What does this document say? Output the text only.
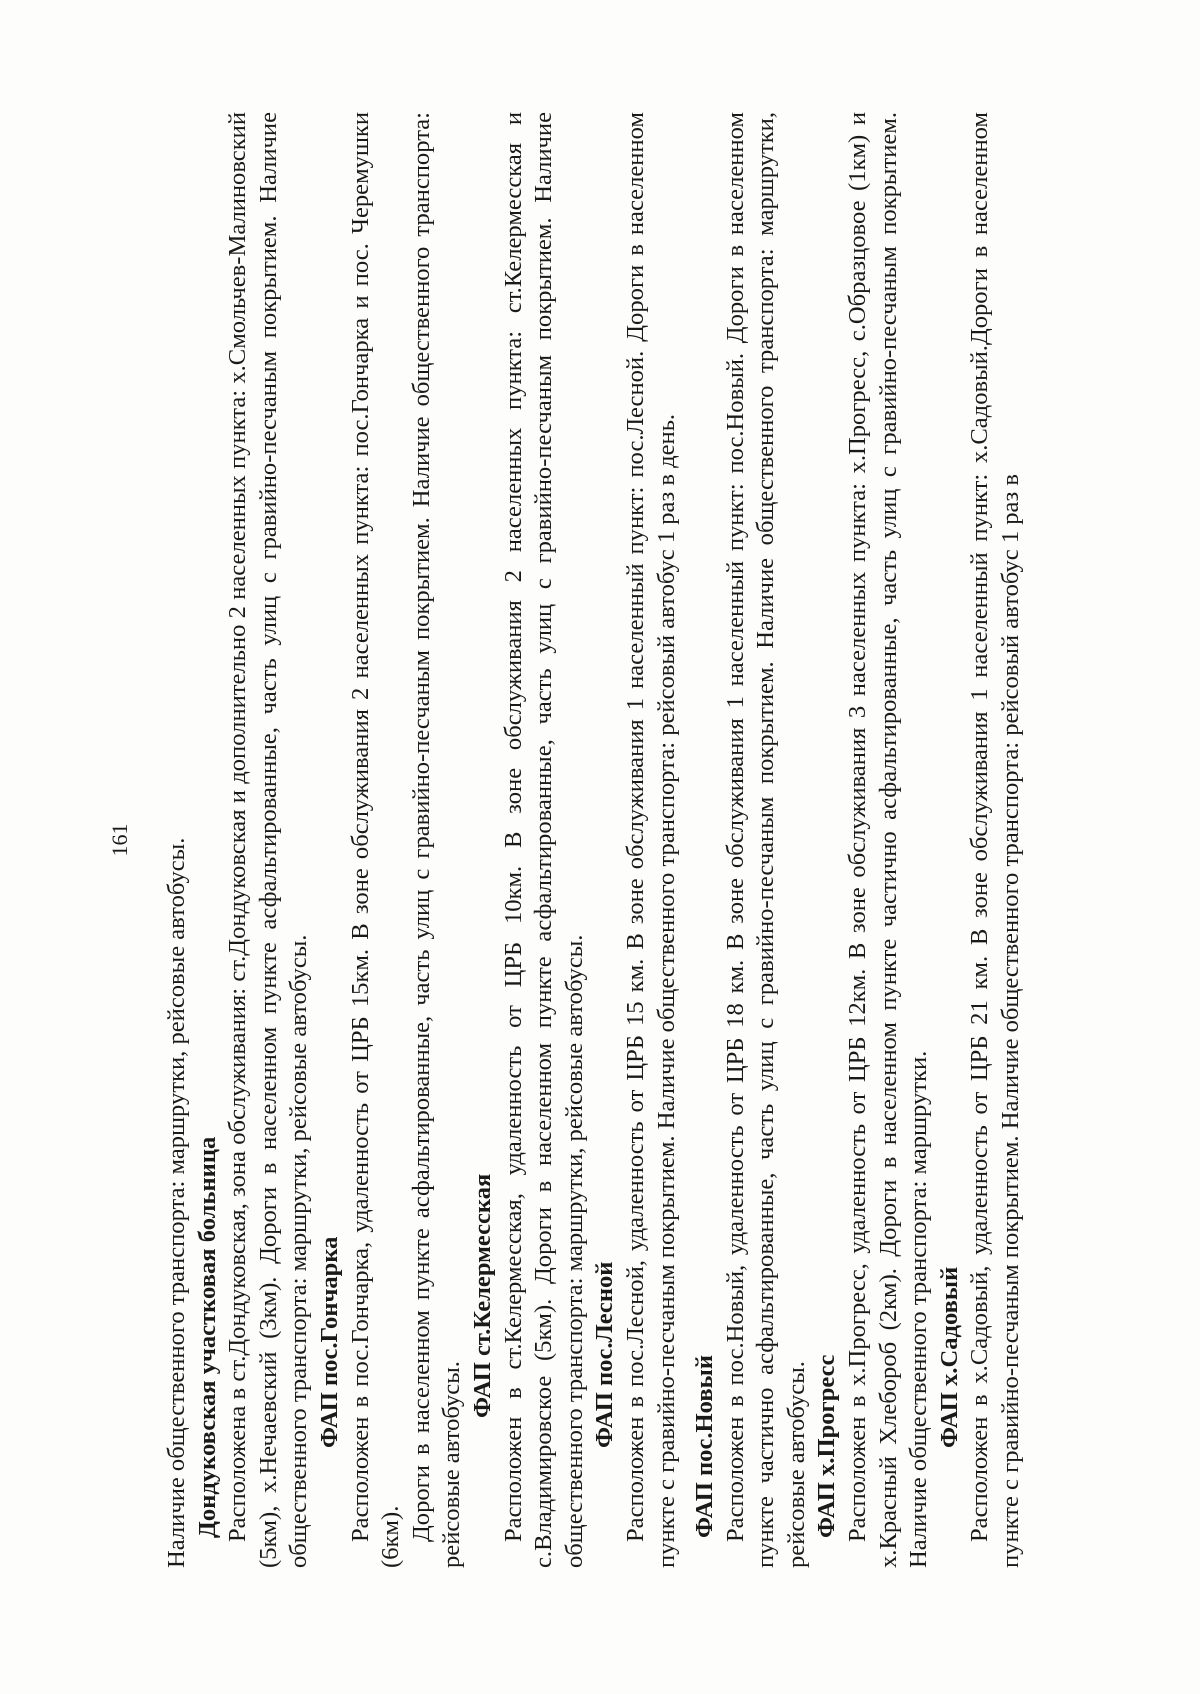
161 Наличие общественного транспорта: маршрутки, рейсовые автобусы. Дондуковская участковая больница Расположена в ст.Дондуковская, зона обслуживания: ст.Дондуковская и дополнительно 2 населенных пункта: х.Смольчев-Малиновский (5км), х.Нечаевский (3км). Дороги в населенном пункте асфальтированные, часть улиц с гравийно-песчаным покрытием. Наличие общественного транспорта: маршрутки, рейсовые автобусы. ФАП пос.Гончарка Расположен в пос.Гончарка, удаленность от ЦРБ 15км. В зоне обслуживания 2 населенных пункта: пос.Гончарка и пос. Черемушки (6км). Дороги в населенном пункте асфальтированные, часть улиц с гравийно-песчаным покрытием. Наличие общественного транспорта: рейсовые автобусы.

ФАП ст.Келермесская Расположен в ст.Келермесская, удаленность от ЦРБ 10км. В зоне обслуживания 2 населенных пункта: ст.Келермесская и с.Владимировское (5км). Дороги в населенном пункте асфальтированные, часть улиц с гравийно-песчаным покрытием. Наличие общественного транспорта: маршрутки, рейсовые автобусы. ФАП пос.Лесной Расположен в пос.Лесной, удаленность от ЦРБ 15 км. В зоне обслуживания 1 населенный пункт: пос.Лесной. Дороги в населенном пункте с гравийно-песчаным покрытием. Наличие общественного транспорта: рейсовый автобус 1 раз в день. ФАП пос.Новый Расположен в пос.Новый, удаленность от ЦРБ 18 км. В зоне обслуживания 1 населенный пункт: пос.Новый. Дороги в населенном пункте частично асфальтированные, часть улиц с гравийно-песчаным покрытием. Наличие общественного транспорта: маршрутки, рейсовые автобусы. ФАП х.Прогресс Расположен в х.Прогресс, удаленность от ЦРБ 12км. В зоне обслуживания 3 населенных пункта: х.Прогресс, с.Образцовое (1км) и х.Красный Хлебороб (2км). Дороги в населенном пункте частично асфальтированные, часть улиц с гравийно-песчаным покрытием. Наличие общественного транспорта: маршрутки. ФАП х.Садовый Расположен в х.Садовый, удаленность от ЦРБ 21 км. В зоне обслуживания 1 населенный пункт: х.Садовый.Дороги в населенном пункте с гравийно-песчаным покрытием. Наличие общественного транспорта: рейсовый автобус 1 раз в
